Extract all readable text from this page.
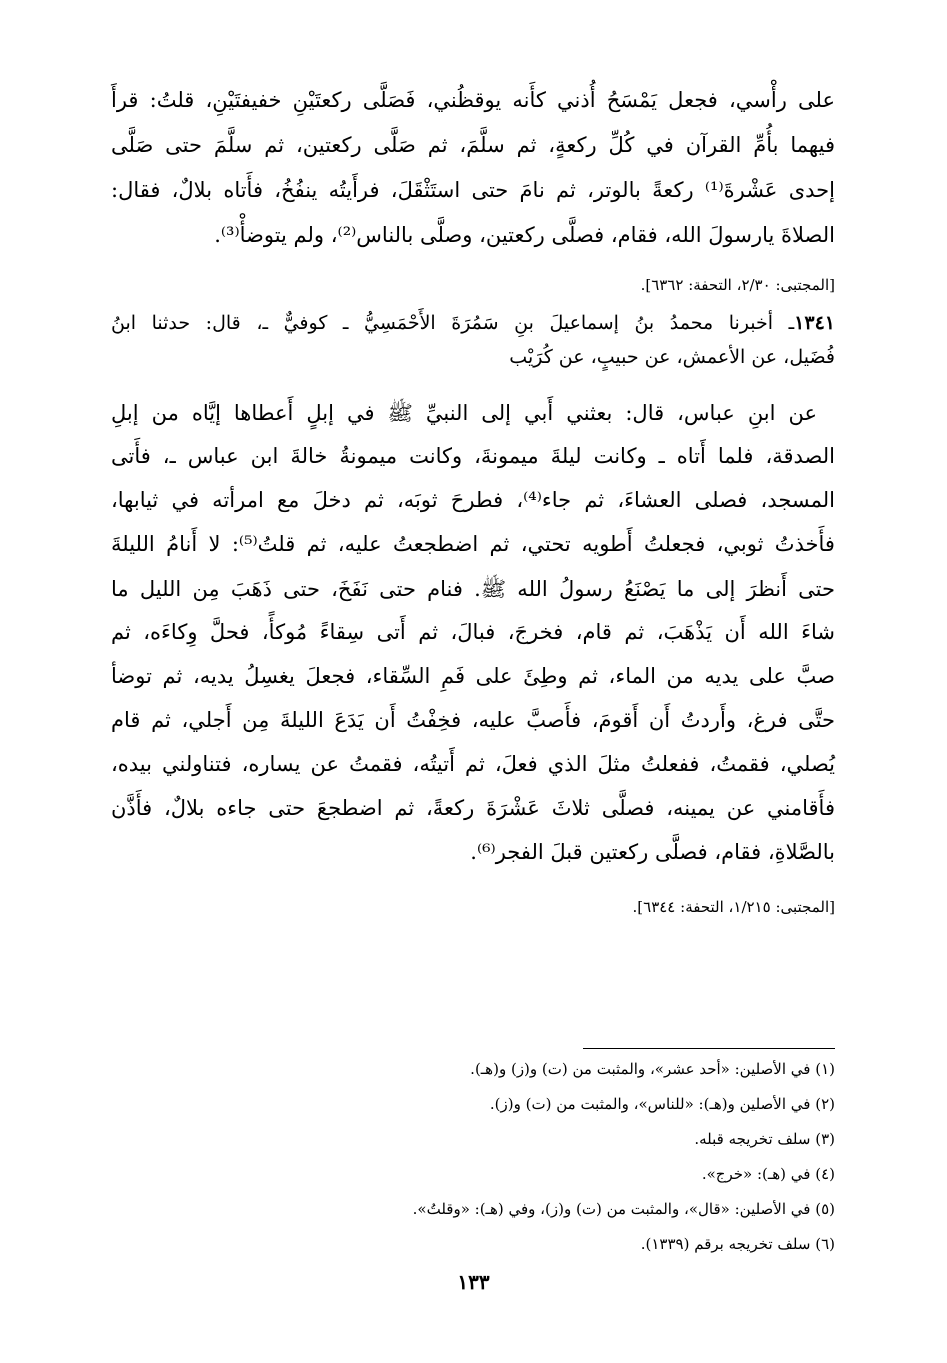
على رأْسي، فجعل يَمْسَحُ أُذني كأَنه يوقظُني، فَصَلَّى ركعتَيْنِ خفيفتَيْنِ، قلتُ: قرأَ
فيهما بأُمِّ القرآن في كُلِّ ركعةٍ، ثم سلَّمَ، ثم صَلَّى ركعتين، ثم سلَّمَ حتى صَلَّى
إحدى عَشْرةَ⁽¹⁾ ركعةً بالوتر، ثم نامَ حتى استَثْقَلَ، فرأَيتُه ينفُخُ، فأَتاه بلالٌ، فقال:
الصلاةَ يارسولَ الله، فقام، فصلَّى ركعتين، وصلَّى بالناس⁽²⁾، ولم يتوضأْ⁽³⁾.
[المجتبى: ٢/٣٠، التحفة: ٦٣٦٢].
١٣٤١ـ أخبرنا محمدُ بنُ إسماعيلَ بنِ سَمُرَةَ الأَحْمَسِيُّ ـ كوفيٌّ ـ، قال: حدثنا ابنُ
فُضَيل، عن الأعمش، عن حبيبٍ، عن كُرَيْب
عن ابنِ عباس، قال: بعثني أَبي إلى النبيِّ ﷺ في إبلٍ أَعطاها إيَّاه من إبلِ
الصدقة، فلما أَتاه ـ وكانت ليلةَ ميمونةَ، وكانت ميمونةُ خالةَ ابن عباس ـ، فأَتى
المسجد، فصلى العشاءَ، ثم جاء⁽⁴⁾، فطرحَ ثوبَه، ثم دخلَ مع امرأته في ثيابها،
فأَخذتُ ثوبي، فجعلتُ أَطويه تحتي، ثم اضطجعتُ عليه، ثم قلتُ⁽⁵⁾: لا أَنامُ الليلةَ
حتى أَنظرَ إلى ما يَصْنَعُ رسولُ الله ﷺ. فنام حتى نَفَخَ، حتى ذَهَبَ مِن الليل ما
شاءَ الله أَن يَذْهَبَ، ثم قام، فخرجَ، فبالَ، ثم أَتى سِقاءً مُوكأً، فحلَّ وِكاءَه، ثم
صبَّ على يديه من الماء، ثم وطِئَ على فَمِ السِّقاء، فجعلَ يغسِلُ يديه، ثم توضأ
حتَّى فرغ، وأَردتُ أَن أَقومَ، فأَصبَّ عليه، فخِفْتُ أَن يَدَعَ الليلةَ مِن أَجلي، ثم قام
يُصلي، فقمتُ، ففعلتُ مثلَ الذي فعلَ، ثم أَتيتُه، فقمتُ عن يساره، فتناولني بيده،
فأَقامني عن يمينه، فصلَّى ثلاثَ عَشْرَةَ ركعةً، ثم اضطجعَ حتى جاءه بلالٌ، فأَذَّن
بالصَّلاةِ، فقام، فصلَّى ركعتين قبلَ الفجر⁽⁶⁾.
[المجتبى: ١/٢١٥، التحفة: ٦٣٤٤].
(١) في الأصلين: «أحد عشر»، والمثبت من (ت) و(ز) و(هـ).
(٢) في الأصلين و(هـ): «للناس»، والمثبت من (ت) و(ز).
(٣) سلف تخريجه قبله.
(٤) في (هـ): «خرج».
(٥) في الأصلين: «قال»، والمثبت من (ت) و(ز)، وفي (هـ): «وقلتُ».
(٦) سلف تخريجه برقم (١٣٣٩).
١٣٣
